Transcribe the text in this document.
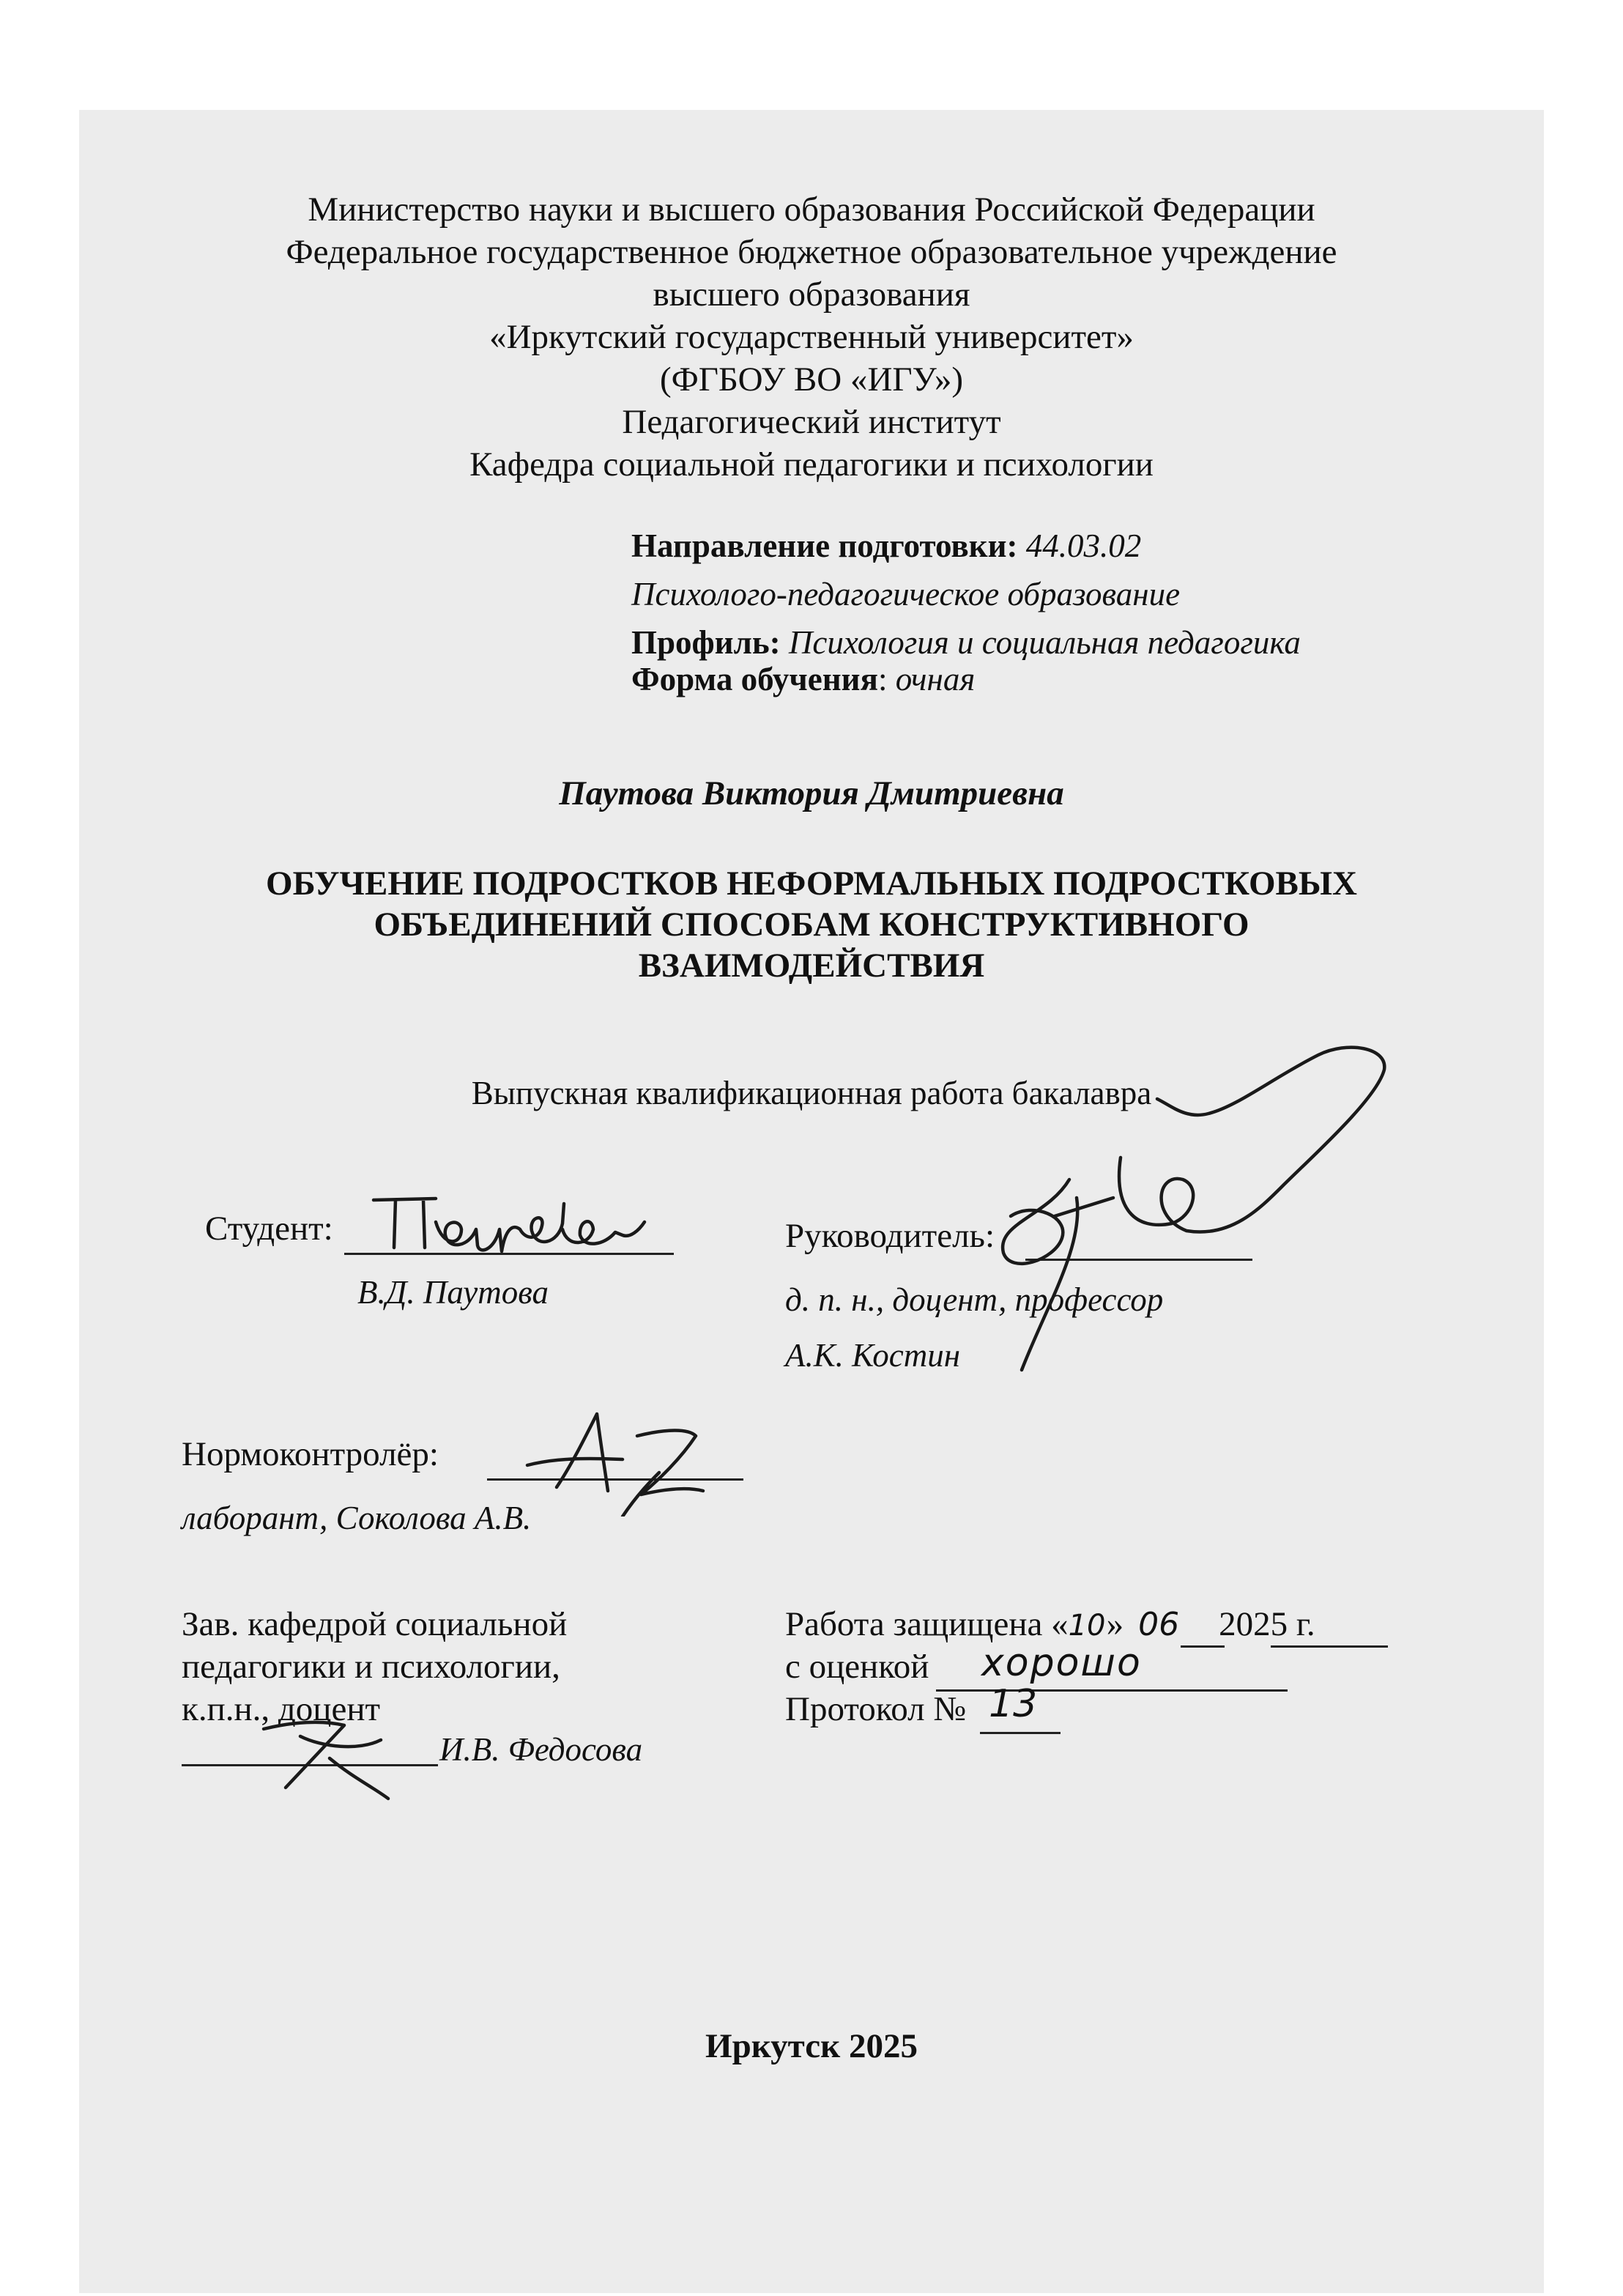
Министерство науки и высшего образования Российской Федерации
Федеральное государственное бюджетное образовательное учреждение
высшего образования
«Иркутский государственный университет»
(ФГБОУ ВО «ИГУ»)
Педагогический институт
Кафедра социальной педагогики и психологии
Направление подготовки: 44.03.02
Психолого-педагогическое образование
Профиль: Психология и социальная педагогика
Форма обучения: очная
Паутова Виктория Дмитриевна
ОБУЧЕНИЕ ПОДРОСТКОВ НЕФОРМАЛЬНЫХ ПОДРОСТКОВЫХ
ОБЪЕДИНЕНИЙ СПОСОБАМ КОНСТРУКТИВНОГО
ВЗАИМОДЕЙСТВИЯ
Выпускная квалификационная работа бакалавра
Студент:
В.Д. Паутова
Руководитель:
д. п. н., доцент, профессор
А.К. Костин
Нормоконтролёр:
лаборант, Соколова А.В.
Зав. кафедрой социальной
педагогики и психологии,
к.п.н., доцент
И.В. Федосова
Работа защищена «10» 06 2025 г.
с оценкой хорошо
Протокол № 13
Иркутск 2025
